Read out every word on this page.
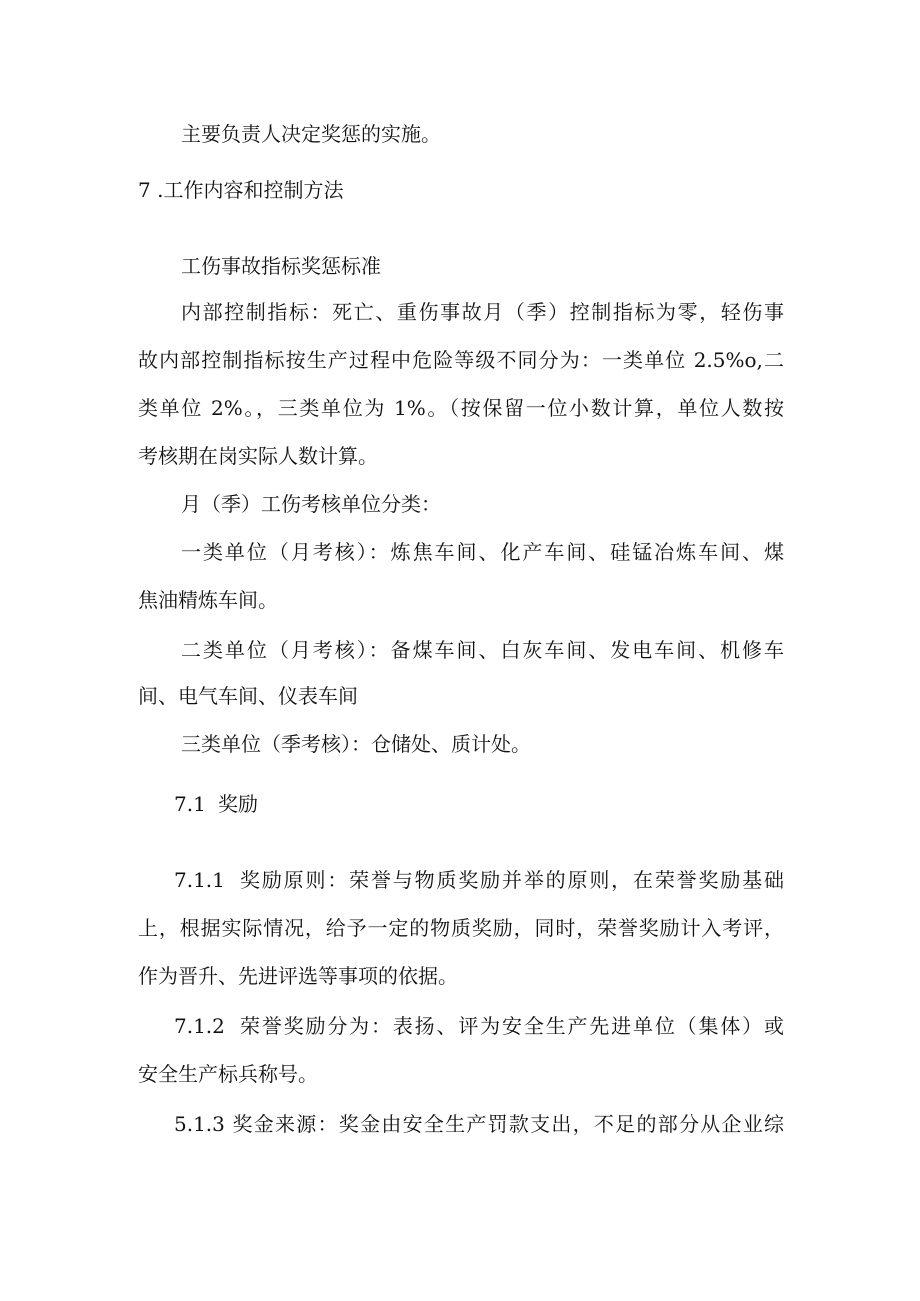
主要负责人决定奖惩的实施。

7 .工作内容和控制方法

工伤事故指标奖惩标准

内部控制指标：死亡、重伤事故月（季）控制指标为零，轻伤事

故内部控制指标按生产过程中危险等级不同分为：一类单位 2.5%o,二

类单位 2%。，三类单位为 1%。（按保留一位小数计算，单位人数按

考核期在岗实际人数计算。

月（季）工伤考核单位分类：

一类单位（月考核）：炼焦车间、化产车间、硅锰冶炼车间、煤

焦油精炼车间。

二类单位（月考核）：备煤车间、白灰车间、发电车间、机修车

间、电气车间、仪表车间

三类单位（季考核）：仓储处、质计处。

7.1 奖励

7.1.1 奖励原则：荣誉与物质奖励并举的原则，在荣誉奖励基础

上，根据实际情况，给予一定的物质奖励，同时，荣誉奖励计入考评，

作为晋升、先进评选等事项的依据。

7.1.2 荣誉奖励分为：表扬、评为安全生产先进单位（集体）或

安全生产标兵称号。

5.1.3 奖金来源：奖金由安全生产罚款支出，不足的部分从企业综
